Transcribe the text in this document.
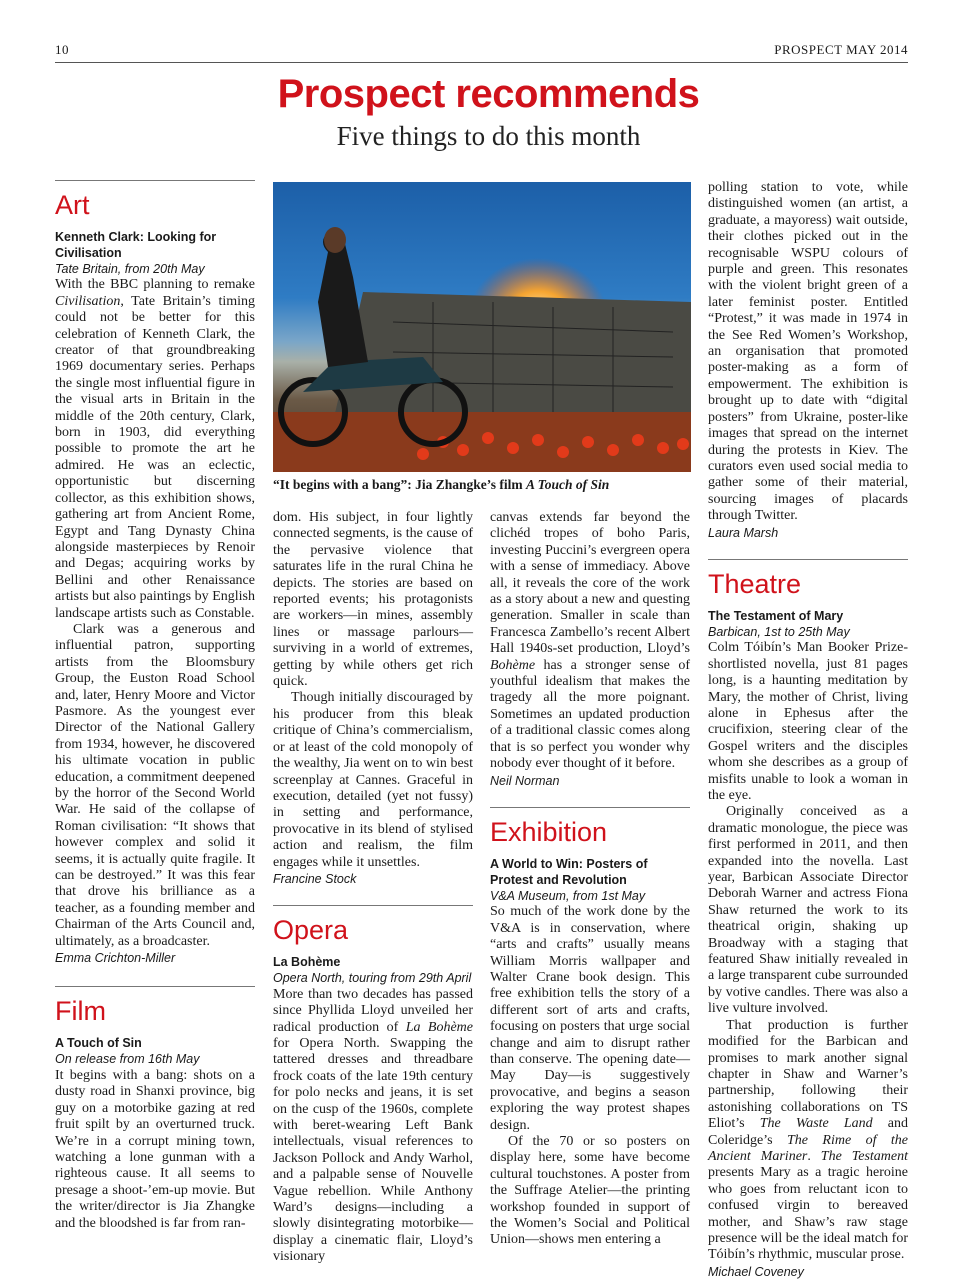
10	PROSPECT MAY 2014
Prospect recommends
Five things to do this month
“It begins with a bang”: Jia Zhangke’s film A Touch of Sin
Art
Kenneth Clark: Looking for Civilisation
Tate Britain, from 20th May

With the BBC planning to remake Civilisation, Tate Britain’s timing could not be better for this celebration of Kenneth Clark, the creator of that groundbreaking 1969 documentary series. Perhaps the single most influential figure in the visual arts in Britain in the middle of the 20th century, Clark, born in 1903, did everything possible to promote the art he admired. He was an eclectic, opportunistic but discerning collector, as this exhibition shows, gathering art from Ancient Rome, Egypt and Tang Dynasty China alongside masterpieces by Renoir and Degas; acquiring works by Bellini and other Renaissance artists but also paintings by English landscape artists such as Constable.

Clark was a generous and influential patron, supporting artists from the Bloomsbury Group, the Euston Road School and, later, Henry Moore and Victor Pasmore. As the youngest ever Director of the National Gallery from 1934, however, he discovered his ultimate vocation in public education, a commitment deepened by the horror of the Second World War. He said of the collapse of Roman civilisation: “It shows that however complex and solid it seems, it is actually quite fragile. It can be destroyed.” It was this fear that drove his brilliance as a teacher, as a founding member and Chairman of the Arts Council and, ultimately, as a broadcaster.

Emma Crichton-Miller
Film
A Touch of Sin
On release from 16th May

It begins with a bang: shots on a dusty road in Shanxi province, big guy on a motorbike gazing at red fruit spilt by an overturned truck. We’re in a corrupt mining town, watching a lone gunman with a righteous cause. It all seems to presage a shoot-’em-up movie. But the writer/director is Jia Zhangke and the bloodshed is far from ran-

dom. His subject, in four lightly connected segments, is the cause of the pervasive violence that saturates life in the rural China he depicts. The stories are based on reported events; his protagonists are workers—in mines, assembly lines or massage parlours—surviving in a world of extremes, getting by while others get rich quick.

Though initially discouraged by his producer from this bleak critique of China’s commercialism, or at least of the cold monopoly of the wealthy, Jia went on to win best screenplay at Cannes. Graceful in execution, detailed (yet not fussy) in setting and performance, provocative in its blend of stylised action and realism, the film engages while it unsettles.

Francine Stock
Opera
La Bohème
Opera North, touring from 29th April

More than two decades has passed since Phyllida Lloyd unveiled her radical production of La Bohème for Opera North. Swapping the tattered dresses and threadbare frock coats of the late 19th century for polo necks and jeans, it is set on the cusp of the 1960s, complete with beret-wearing Left Bank intellectuals, visual references to Jackson Pollock and Andy Warhol, and a palpable sense of Nouvelle Vague rebellion. While Anthony Ward’s designs—including a slowly disintegrating motorbike—display a cinematic flair, Lloyd’s visionary

canvas extends far beyond the clichéd tropes of boho Paris, investing Puccini’s evergreen opera with a sense of immediacy. Above all, it reveals the core of the work as a story about a new and questing generation. Smaller in scale than Francesca Zambello’s recent Albert Hall 1940s-set production, Lloyd’s Bohème has a stronger sense of youthful idealism that makes the tragedy all the more poignant. Sometimes an updated production of a traditional classic comes along that is so perfect you wonder why nobody ever thought of it before.

Neil Norman
Exhibition
A World to Win: Posters of Protest and Revolution
V&A Museum, from 1st May

So much of the work done by the V&A is in conservation, where “arts and crafts” usually means William Morris wallpaper and Walter Crane book design. This free exhibition tells the story of a different sort of arts and crafts, focusing on posters that urge social change and aim to disrupt rather than conserve. The opening date—May Day—is suggestively provocative, and begins a season exploring the way protest shapes design.

Of the 70 or so posters on display here, some have become cultural touchstones. A poster from the Suffrage Atelier—the printing workshop founded in support of the Women’s Social and Political Union—shows men entering a

polling station to vote, while distinguished women (an artist, a graduate, a mayoress) wait outside, their clothes picked out in the recognisable WSPU colours of purple and green. This resonates with the violent bright green of a later feminist poster. Entitled “Protest,” it was made in 1974 in the See Red Women’s Workshop, an organisation that promoted poster-making as a form of empowerment. The exhibition is brought up to date with “digital posters” from Ukraine, poster-like images that spread on the internet during the protests in Kiev. The curators even used social media to gather some of their material, sourcing images of placards through Twitter.

Laura Marsh
Theatre
The Testament of Mary
Barbican, 1st to 25th May

Colm Tóibín’s Man Booker Prize-shortlisted novella, just 81 pages long, is a haunting meditation by Mary, the mother of Christ, living alone in Ephesus after the crucifixion, steering clear of the Gospel writers and the disciples whom she describes as a group of misfits unable to look a woman in the eye.

Originally conceived as a dramatic monologue, the piece was first performed in 2011, and then expanded into the novella. Last year, Barbican Associate Director Deborah Warner and actress Fiona Shaw returned the work to its theatrical origin, shaking up Broadway with a staging that featured Shaw initially revealed in a large transparent cube surrounded by votive candles. There was also a live vulture involved.

That production is further modified for the Barbican and promises to mark another signal chapter in Shaw and Warner’s partnership, following their astonishing collaborations on TS Eliot’s The Waste Land and Coleridge’s The Rime of the Ancient Mariner. The Testament presents Mary as a tragic heroine who goes from reluctant icon to confused virgin to bereaved mother, and Shaw’s raw stage presence will be the ideal match for Tóibín’s rhythmic, muscular prose.

Michael Coveney
